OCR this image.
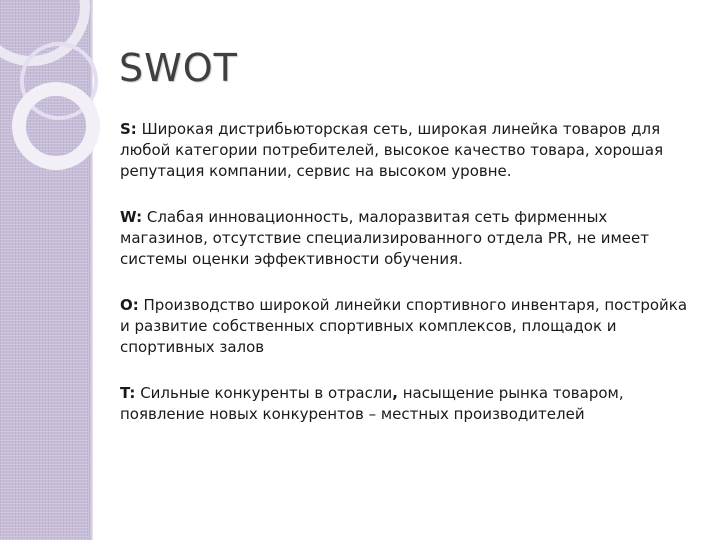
SWOT

S: Широкая дистрибьюторская сеть, широкая линейка товаров для любой категории потребителей, высокое качество товара, хорошая репутация компании, сервис на высоком уровне.

W: Слабая инновационность, малоразвитая сеть фирменных магазинов, отсутствие специализированного отдела PR, не имеет системы оценки эффективности обучения.

O: Производство широкой линейки спортивного инвентаря, постройка и развитие собственных спортивных комплексов, площадок и спортивных залов

T: Сильные конкуренты в отрасли, насыщение рынка товаром, появление новых конкурентов – местных производителей
